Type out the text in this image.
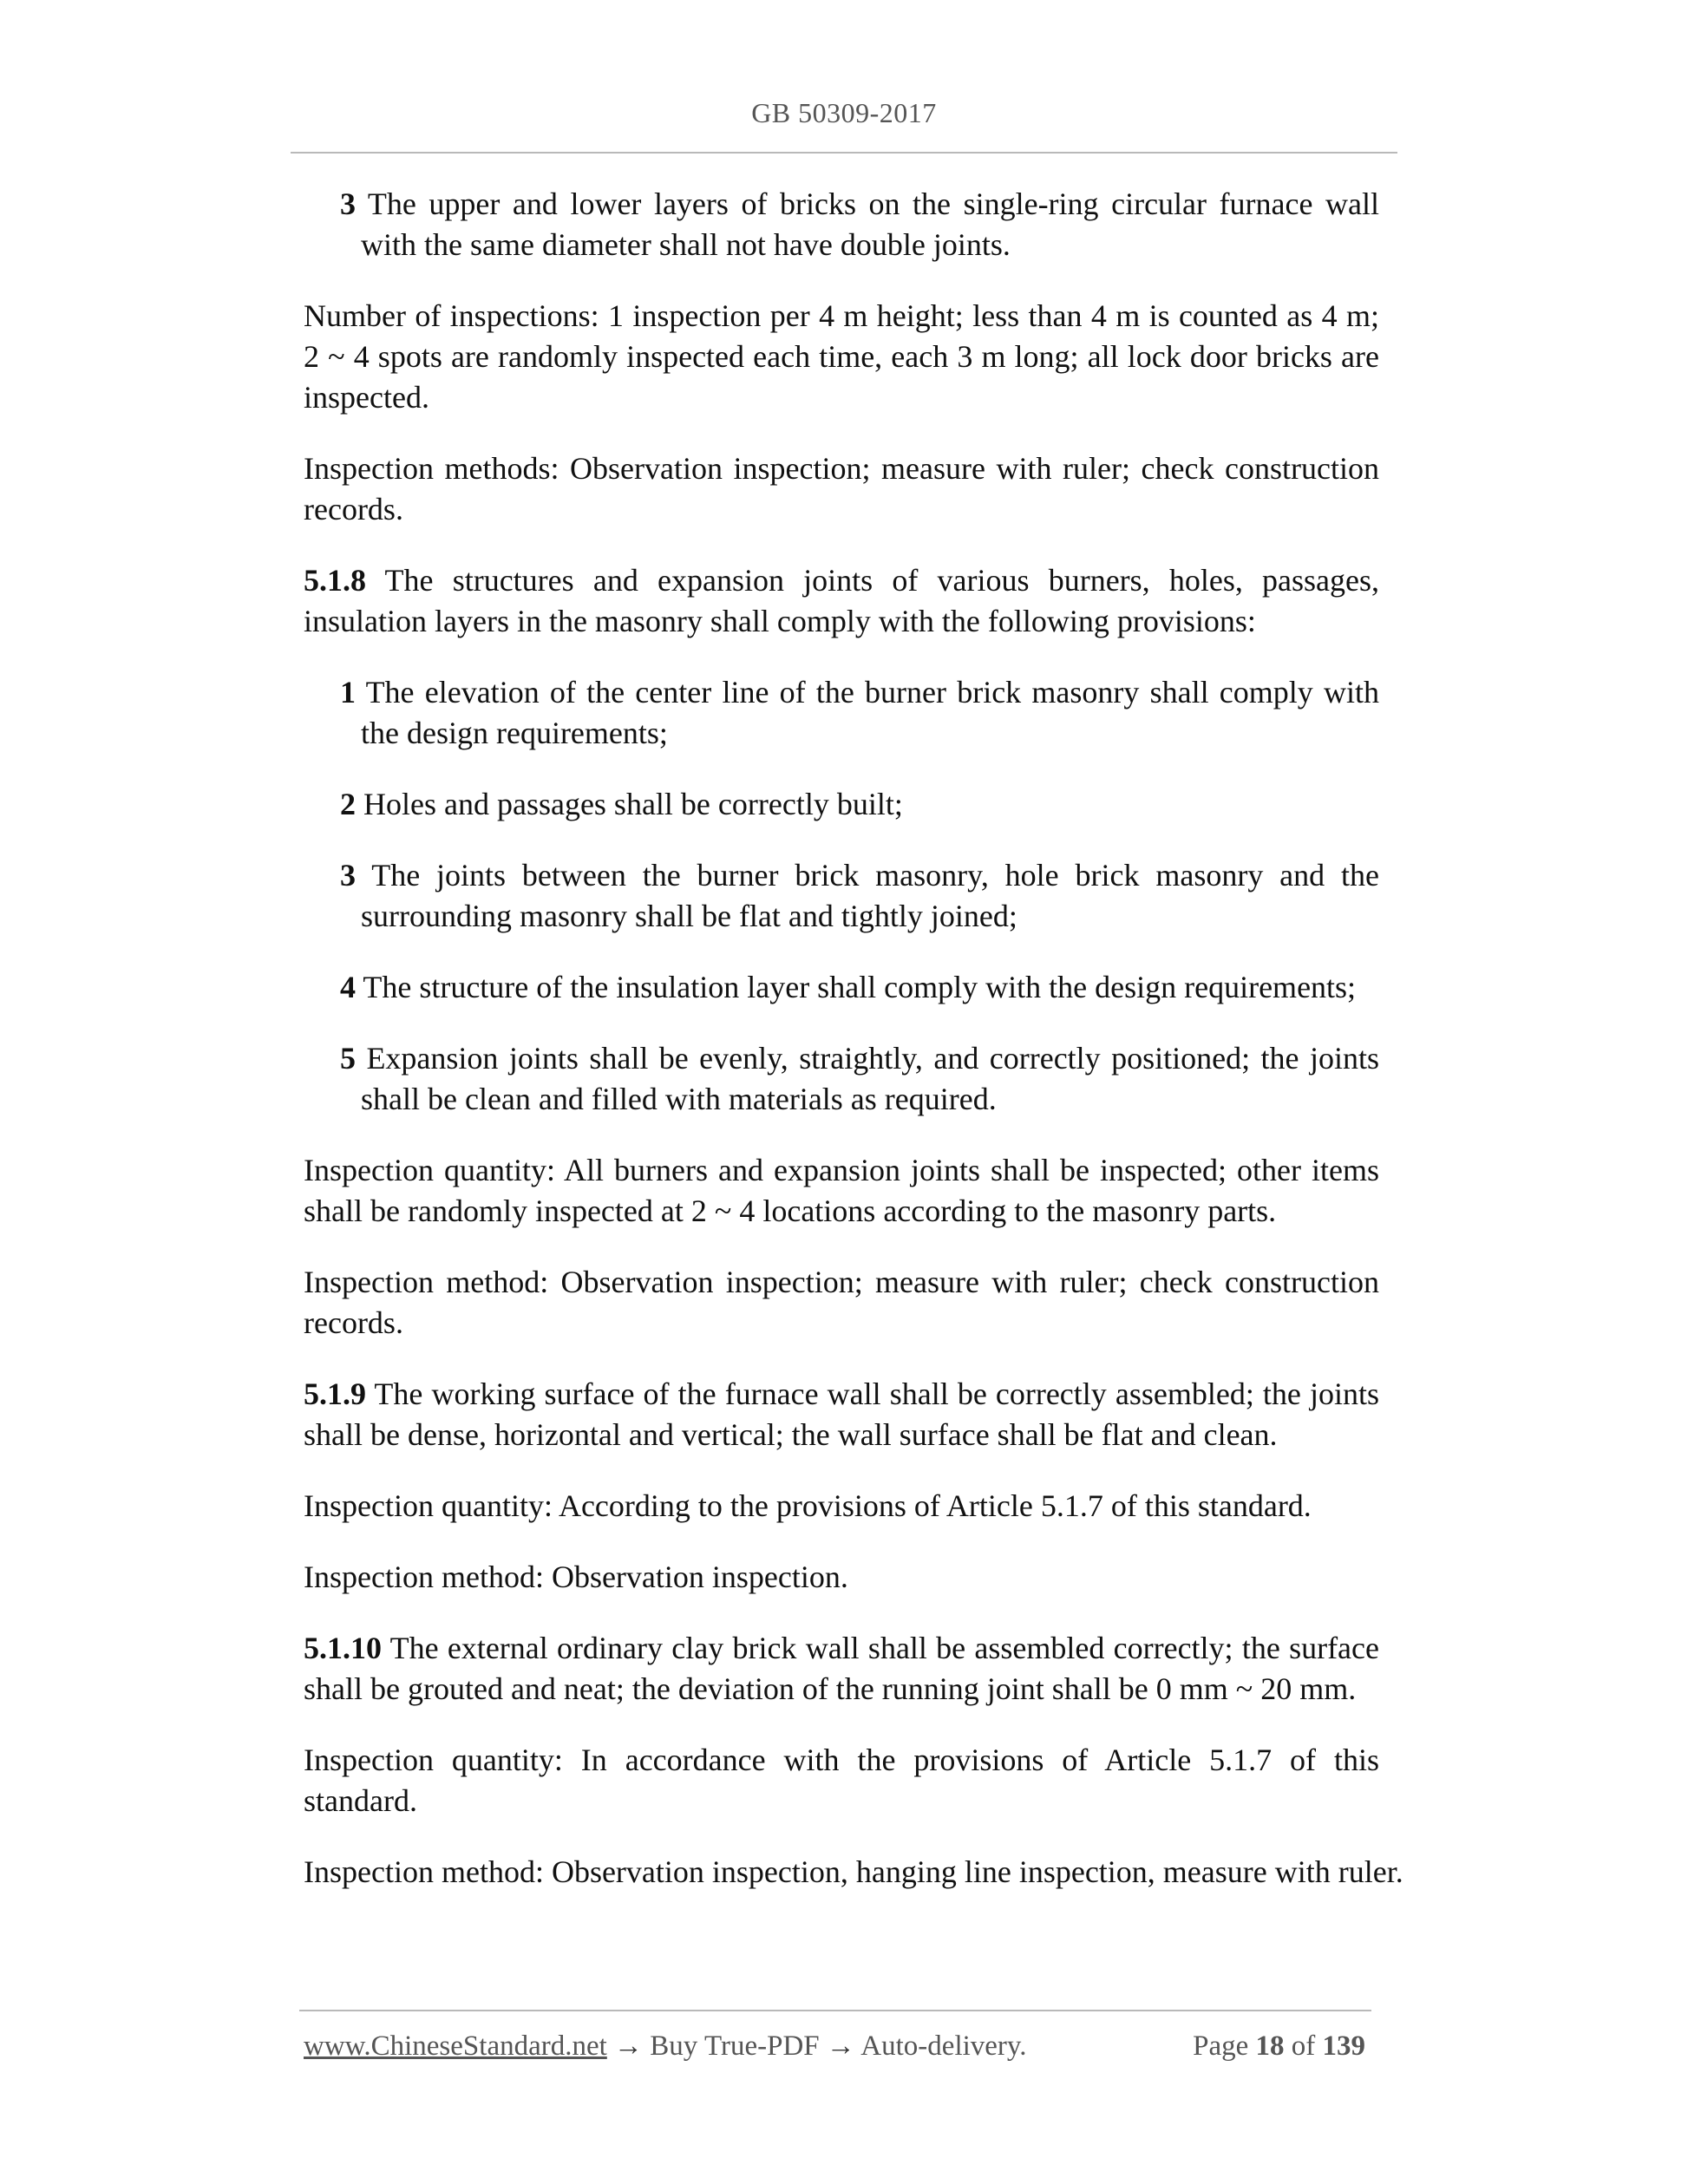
GB 50309-2017

3 The upper and lower layers of bricks on the single-ring circular furnace wall with the same diameter shall not have double joints.

Number of inspections: 1 inspection per 4 m height; less than 4 m is counted as 4 m; 2 ~ 4 spots are randomly inspected each time, each 3 m long; all lock door bricks are inspected.

Inspection methods: Observation inspection; measure with ruler; check construction records.

5.1.8 The structures and expansion joints of various burners, holes, passages, insulation layers in the masonry shall comply with the following provisions:

1 The elevation of the center line of the burner brick masonry shall comply with the design requirements;

2 Holes and passages shall be correctly built;

3 The joints between the burner brick masonry, hole brick masonry and the surrounding masonry shall be flat and tightly joined;

4 The structure of the insulation layer shall comply with the design requirements;

5 Expansion joints shall be evenly, straightly, and correctly positioned; the joints shall be clean and filled with materials as required.

Inspection quantity: All burners and expansion joints shall be inspected; other items shall be randomly inspected at 2 ~ 4 locations according to the masonry parts.

Inspection method: Observation inspection; measure with ruler; check construction records.

5.1.9 The working surface of the furnace wall shall be correctly assembled; the joints shall be dense, horizontal and vertical; the wall surface shall be flat and clean.

Inspection quantity: According to the provisions of Article 5.1.7 of this standard.

Inspection method: Observation inspection.

5.1.10 The external ordinary clay brick wall shall be assembled correctly; the surface shall be grouted and neat; the deviation of the running joint shall be 0 mm ~ 20 mm.

Inspection quantity: In accordance with the provisions of Article 5.1.7 of this standard.

Inspection method: Observation inspection, hanging line inspection, measure with ruler.

www.ChineseStandard.net → Buy True-PDF → Auto-delivery.	Page 18 of 139
